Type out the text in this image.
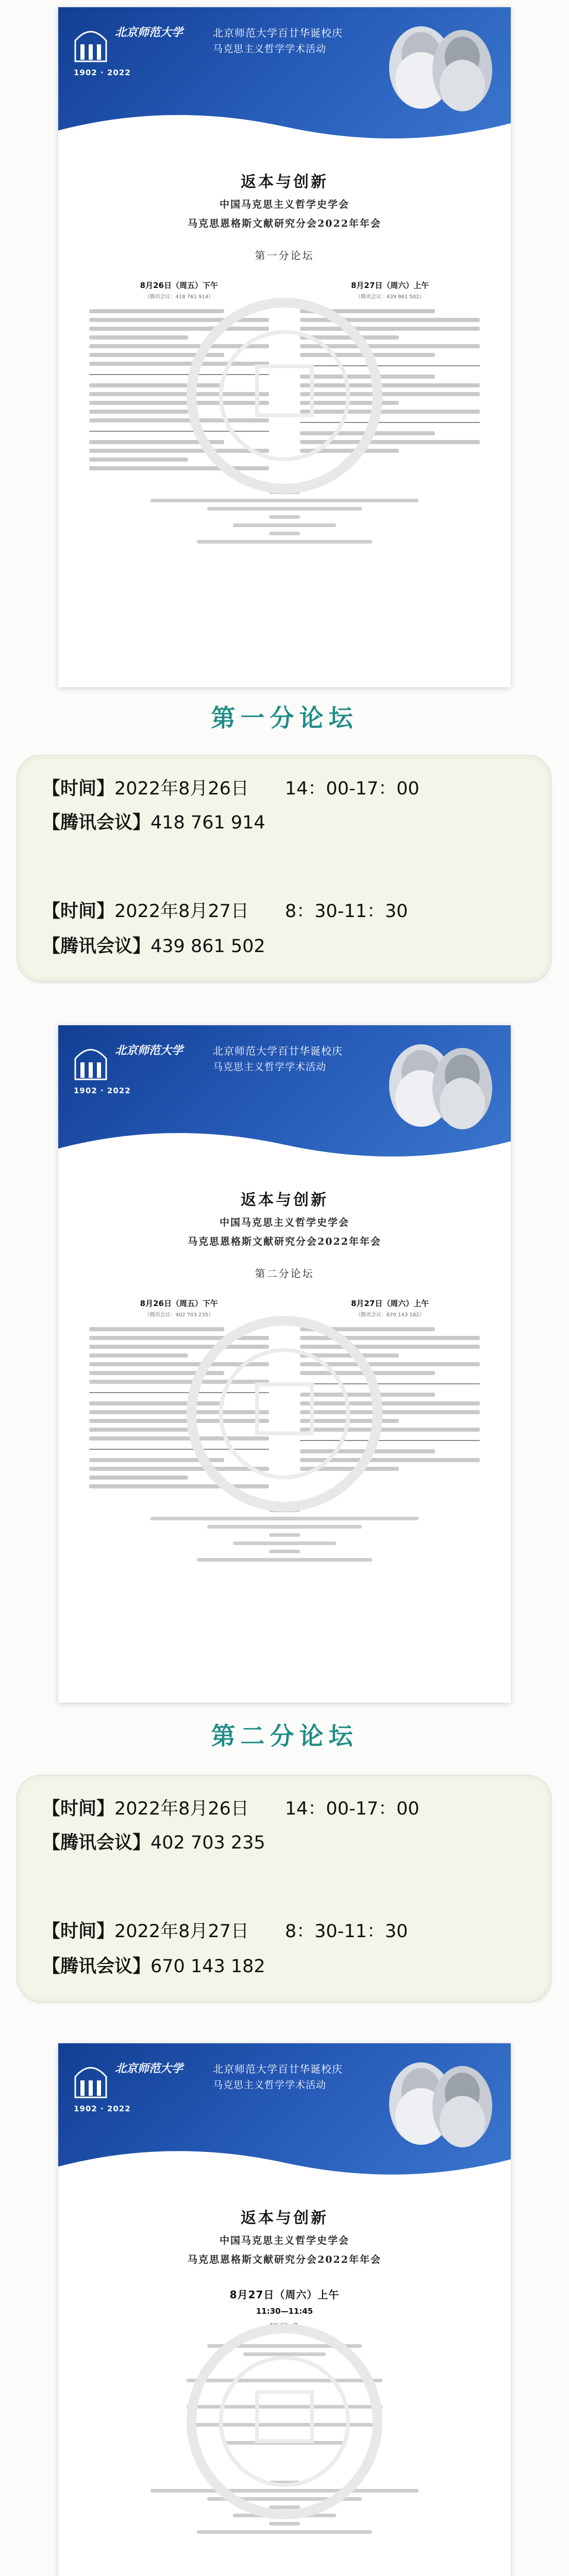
北京师范大学	北京师范大学百廿华诞校庆
马克思主义哲学学术活动
1902 · 2022
返本与创新
中国马克思主义哲学史学会
马克思恩格斯文献研究分会2022年年会
第一分论坛
8月26日（周五）下午
（腾讯会议：418 761 914）
8月27日（周六）上午
（腾讯会议：439 861 502）
第一分论坛
【时间】2022年8月26日　　14：00-17：00
【腾讯会议】418 761 914
【时间】2022年8月27日　　8：30-11：30
【腾讯会议】439 861 502
北京师范大学	北京师范大学百廿华诞校庆
马克思主义哲学学术活动
1902 · 2022
返本与创新
中国马克思主义哲学史学会
马克思恩格斯文献研究分会2022年年会
第二分论坛
8月26日（周五）下午
（腾讯会议：402 703 235）
8月27日（周六）上午
（腾讯会议：670 143 182）
第二分论坛
【时间】2022年8月26日　　14：00-17：00
【腾讯会议】402 703 235
【时间】2022年8月27日　　8：30-11：30
【腾讯会议】670 143 182
北京师范大学	北京师范大学百廿华诞校庆
马克思主义哲学学术活动
1902 · 2022
返本与创新
中国马克思主义哲学史学会
马克思恩格斯文献研究分会2022年年会
8月27日（周六）上午
11:30—11:45
闭幕式
